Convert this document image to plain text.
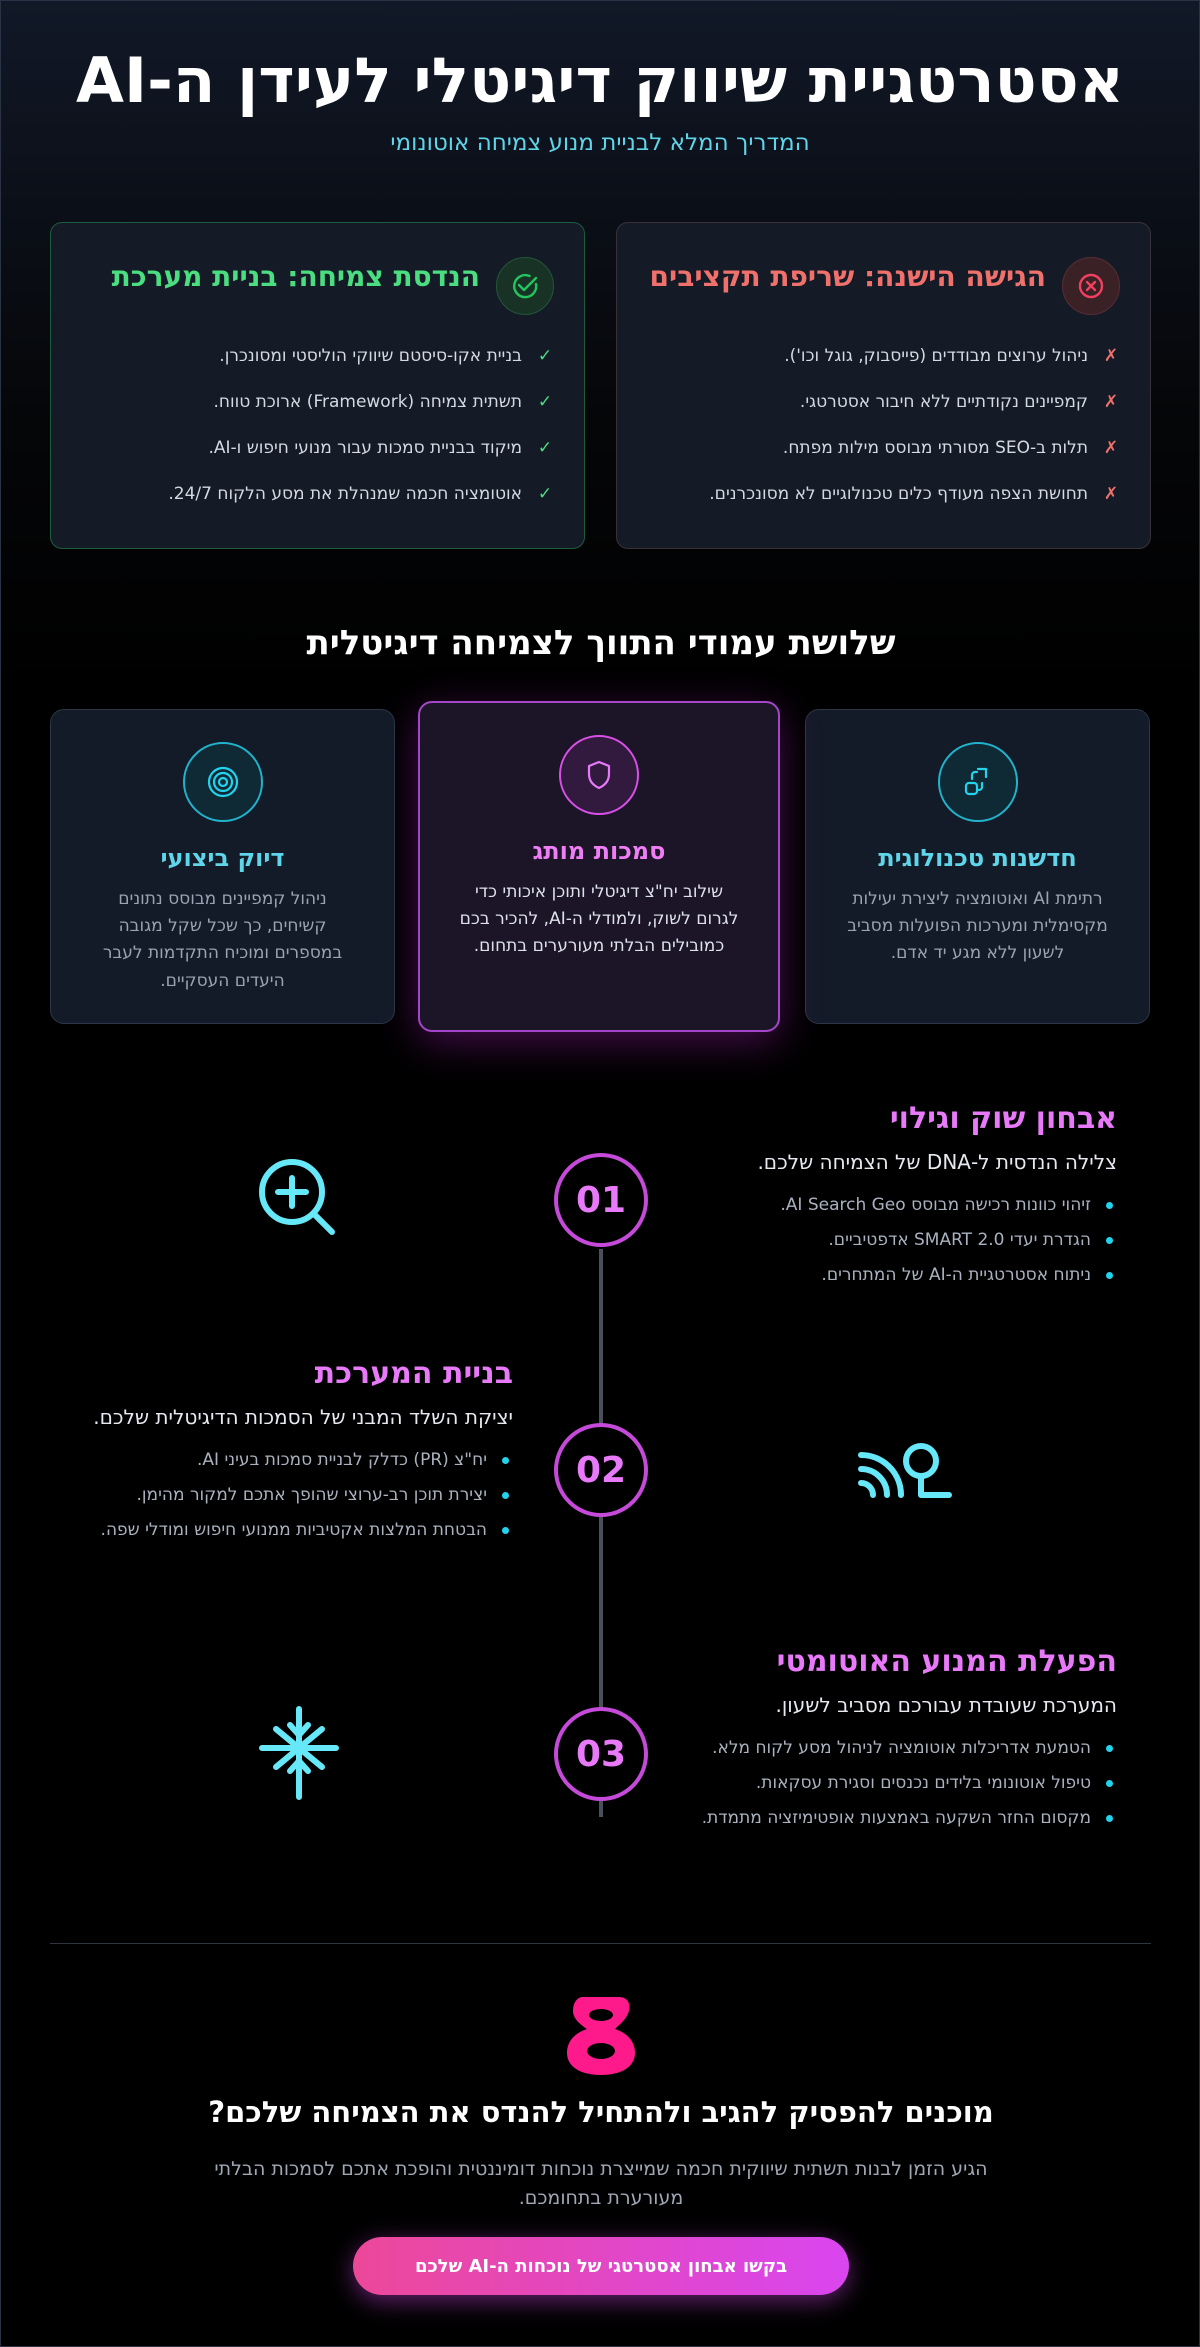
אסטרטגיית שיווק דיגיטלי לעידן ה-AI
המדריך המלא לבניית מנוע צמיחה אוטונומי
הגישה הישנה: שריפת תקציבים
✗
ניהול ערוצים מבודדים (פייסבוק, גוגל וכו').
✗
קמפיינים נקודתיים ללא חיבור אסטרטגי.
✗
תלות ב-SEO מסורתי מבוסס מילות מפתח.
✗
תחושת הצפה מעודף כלים טכנולוגיים לא מסונכרנים.
הנדסת צמיחה: בניית מערכת
✓
בניית אקו-סיסטם שיווקי הוליסטי ומסונכרן.
✓
תשתית צמיחה (Framework) ארוכת טווח.
✓
מיקוד בבניית סמכות עבור מנועי חיפוש ו-AI.
✓
אוטומציה חכמה שמנהלת את מסע הלקוח 24/7.
שלושת עמודי התווך לצמיחה דיגיטלית
חדשנות טכנולוגית

רתימת AI ואוטומציה ליצירת יעילות מקסימלית ומערכות הפועלות מסביב לשעון ללא מגע יד אדם.

סמכות מותג

שילוב יח"צ דיגיטלי ותוכן איכותי כדי לגרום לשוק, ולמודלי ה-AI, להכיר בכם כמובילים הבלתי מעורערים בתחום.

דיוק ביצועי

ניהול קמפיינים מבוסס נתונים קשיחים, כך שכל שקל מגובה במספרים ומוכיח התקדמות לעבר היעדים העסקיים.

01
אבחון שוק וגילוי
צלילה הנדסית ל-DNA של הצמיחה שלכם.
זיהוי כוונות רכישה מבוסס AI Search Geo.
הגדרת יעדי SMART 2.0 אדפטיביים.
ניתוח אסטרטגיית ה-AI של המתחרים.
02
בניית המערכת
יציקת השלד המבני של הסמכות הדיגיטלית שלכם.
יח"צ (PR) כדלק לבניית סמכות בעיני AI.
יצירת תוכן רב-ערוצי שהופך אתכם למקור מהימן.
הבטחת המלצות אקטיביות ממנועי חיפוש ומודלי שפה.
03
הפעלת המנוע האוטומטי
המערכת שעובדת עבורכם מסביב לשעון.
הטמעת אדריכלות אוטומציה לניהול מסע לקוח מלא.
טיפול אוטונומי בלידים נכנסים וסגירת עסקאות.
מקסום החזר השקעה באמצעות אופטימיזציה מתמדת.
מוכנים להפסיק להגיב ולהתחיל להנדס את הצמיחה שלכם?

הגיע הזמן לבנות תשתית שיווקית חכמה שמייצרת נוכחות דומיננטית והופכת אתכם לסמכות הבלתי מעורערת בתחומכם.

בקשו אבחון אסטרטגי של נוכחות ה-AI שלכם
